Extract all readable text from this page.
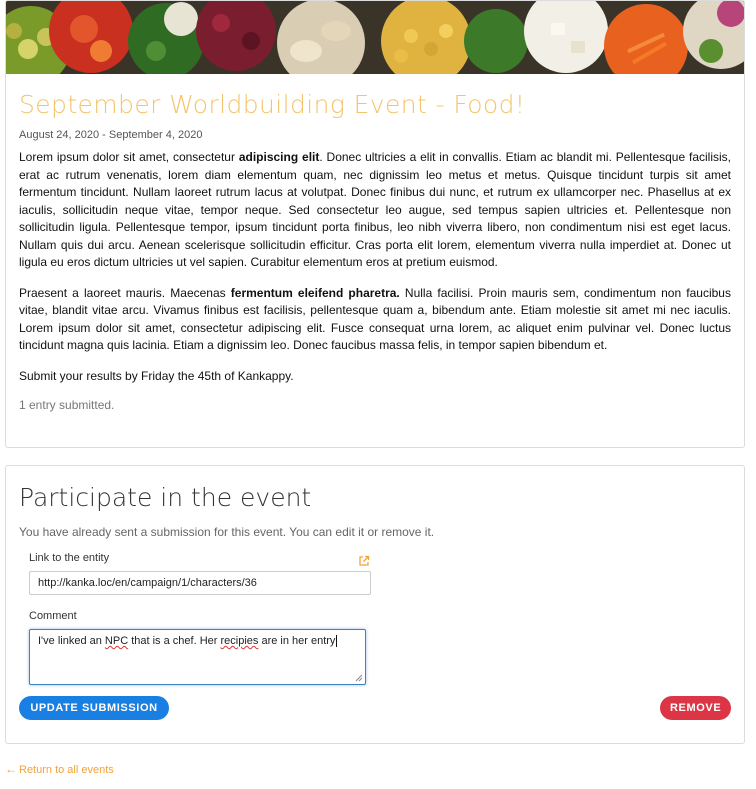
September Worldbuilding Event - Food!
August 24, 2020 - September 4, 2020

Lorem ipsum dolor sit amet, consectetur adipiscing elit. Donec ultricies a elit in convallis. Etiam ac blandit mi. Pellentesque facilisis, erat ac rutrum venenatis, lorem diam elementum quam, nec dignissim leo metus et metus. Quisque tincidunt turpis sit amet fermentum tincidunt. Nullam laoreet rutrum lacus at volutpat. Donec finibus dui nunc, et rutrum ex ullamcorper nec. Phasellus at ex iaculis, sollicitudin neque vitae, tempor neque. Sed consectetur leo augue, sed tempus sapien ultricies et. Pellentesque non sollicitudin ligula. Pellentesque tempor, ipsum tincidunt porta finibus, leo nibh viverra libero, non condimentum nisi est eget lacus. Nullam quis dui arcu. Aenean scelerisque sollicitudin efficitur. Cras porta elit lorem, elementum viverra nulla imperdiet at. Donec ut ligula eu eros dictum ultricies ut vel sapien. Curabitur elementum eros at pretium euismod.

Praesent a laoreet mauris. Maecenas fermentum eleifend pharetra. Nulla facilisi. Proin mauris sem, condimentum non faucibus vitae, blandit vitae arcu. Vivamus finibus est facilisis, pellentesque quam a, bibendum ante. Etiam molestie sit amet mi nec iaculis. Lorem ipsum dolor sit amet, consectetur adipiscing elit. Fusce consequat urna lorem, ac aliquet enim pulvinar vel. Donec luctus tincidunt magna quis lacinia. Etiam a dignissim leo. Donec faucibus massa felis, in tempor sapien bibendum et.

Submit your results by Friday the 45th of Kankappy.

1 entry submitted.
Participate in the event
You have already sent a submission for this event. You can edit it or remove it.
Link to the entity
http://kanka.loc/en/campaign/1/characters/36
Comment
I've linked an NPC that is a chef. Her recipies are in her entry
UPDATE SUBMISSION	REMOVE
← Return to all events
